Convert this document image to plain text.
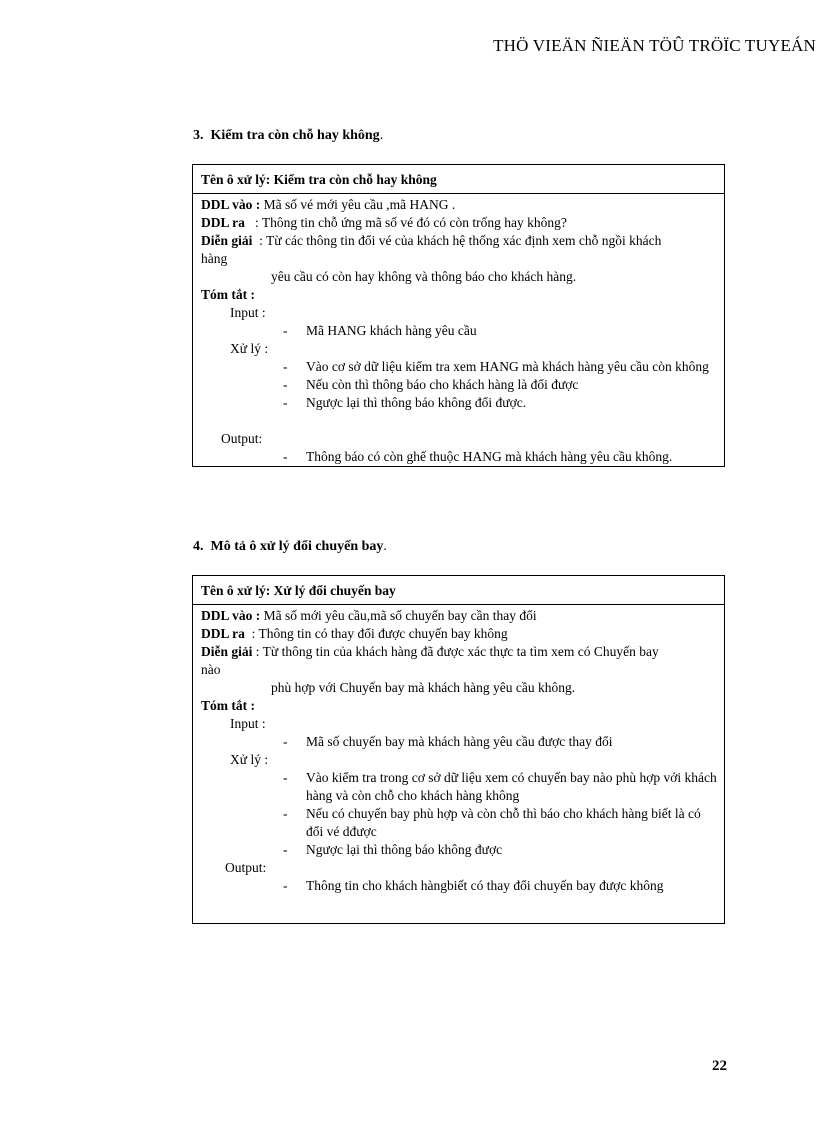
THÖ VIEÄN ÑIEÄN TÖÛ TRÖÏC TUYEÁN
3. Kiểm tra còn chỗ hay không.
Tên ô xử lý: Kiểm tra còn chỗ hay không
DDL vào : Mã số vé mới yêu cầu ,mã HANG .
DDL ra : Thông tin chỗ ứng mã số vé đó có còn trống hay không?
Diễn giải : Từ các thông tin đổi vé của khách hệ thống xác định xem chỗ ngồi khách
hàng
yêu cầu có còn hay không và thông báo cho khách hàng.
Tóm tắt :
Input :
- Mã HANG khách hàng yêu cầu
Xử lý :
- Vào cơ sở dữ liệu kiểm tra xem HANG mà khách hàng yêu cầu còn không
- Nếu còn thì thông báo cho khách hàng là đổi được
- Ngược lại thì thông báo không đổi được.
Output:
- Thông báo có còn ghế thuộc HANG mà khách hàng yêu cầu không.
4. Mô tả ô xử lý đổi chuyến bay.
Tên ô xử lý: Xử lý đổi chuyến bay
DDL vào : Mã số mới yêu cầu,mã số chuyến bay cần thay đổi
DDL ra : Thông tin có thay đổi được chuyến bay không
Diễn giải : Từ thông tin của khách hàng đã được xác thực ta tìm xem có Chuyến bay
nào
phù hợp với Chuyến bay mà khách hàng yêu cầu không.
Tóm tắt :
Input :
- Mã số chuyến bay mà khách hàng yêu cầu được thay đổi
Xử lý :
- Vào kiểm tra trong cơ sở dữ liệu xem có chuyến bay nào phù hợp với khách hàng và còn chỗ cho khách hàng không
- Nếu có chuyến bay phù hợp và còn chỗ thì báo cho khách hàng biết là có đổi vé dđược
- Ngược lại thì thông báo không được
Output:
- Thông tin cho khách hàngbiết có thay đổi chuyến bay được không
22
